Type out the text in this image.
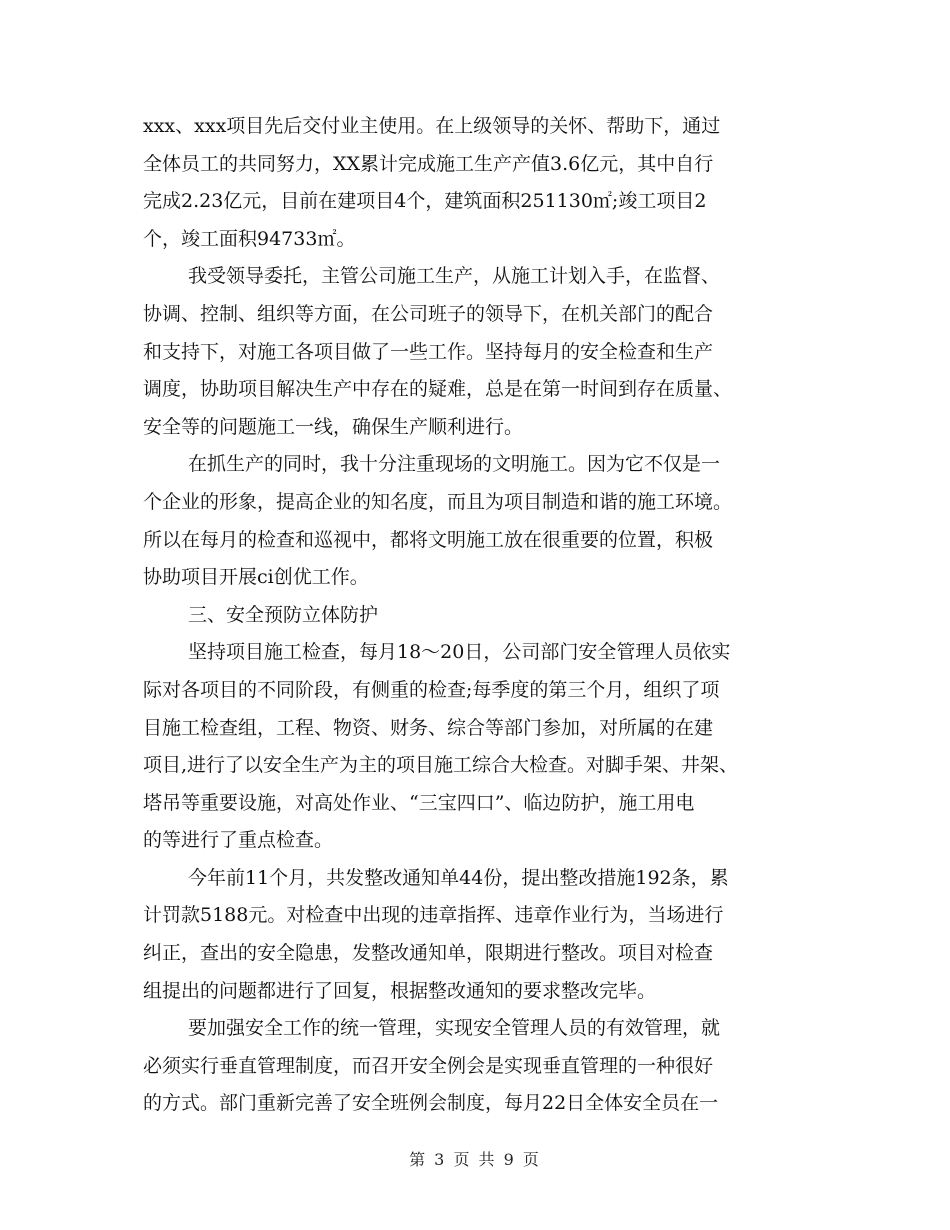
xxx、xxx项目先后交付业主使用。在上级领导的关怀、帮助下，通过
全体员工的共同努力，XX累计完成施工生产产值3.6亿元，其中自行
完成2.23亿元，目前在建项目4个，建筑面积251130㎡;竣工项目2
个，竣工面积94733㎡。
我受领导委托，主管公司施工生产，从施工计划入手，在监督、
协调、控制、组织等方面，在公司班子的领导下，在机关部门的配合
和支持下，对施工各项目做了一些工作。坚持每月的安全检查和生产
调度，协助项目解决生产中存在的疑难，总是在第一时间到存在质量、
安全等的问题施工一线，确保生产顺利进行。
在抓生产的同时，我十分注重现场的文明施工。因为它不仅是一
个企业的形象，提高企业的知名度，而且为项目制造和谐的施工环境。
所以在每月的检查和巡视中，都将文明施工放在很重要的位置，积极
协助项目开展ci创优工作。
三、安全预防立体防护
坚持项目施工检查，每月18～20日，公司部门安全管理人员依实
际对各项目的不同阶段，有侧重的检查;每季度的第三个月，组织了项
目施工检查组，工程、物资、财务、综合等部门参加，对所属的在建
项目,进行了以安全生产为主的项目施工综合大检查。对脚手架、井架、
塔吊等重要设施，对高处作业、“三宝四口”、临边防护，施工用电
的等进行了重点检查。
今年前11个月，共发整改通知单44份，提出整改措施192条，累
计罚款5188元。对检查中出现的违章指挥、违章作业行为，当场进行
纠正，查出的安全隐患，发整改通知单，限期进行整改。项目对检查
组提出的问题都进行了回复，根据整改通知的要求整改完毕。
要加强安全工作的统一管理，实现安全管理人员的有效管理，就
必须实行垂直管理制度，而召开安全例会是实现垂直管理的一种很好
的方式。部门重新完善了安全班例会制度，每月22日全体安全员在一
第 3 页 共 9 页
